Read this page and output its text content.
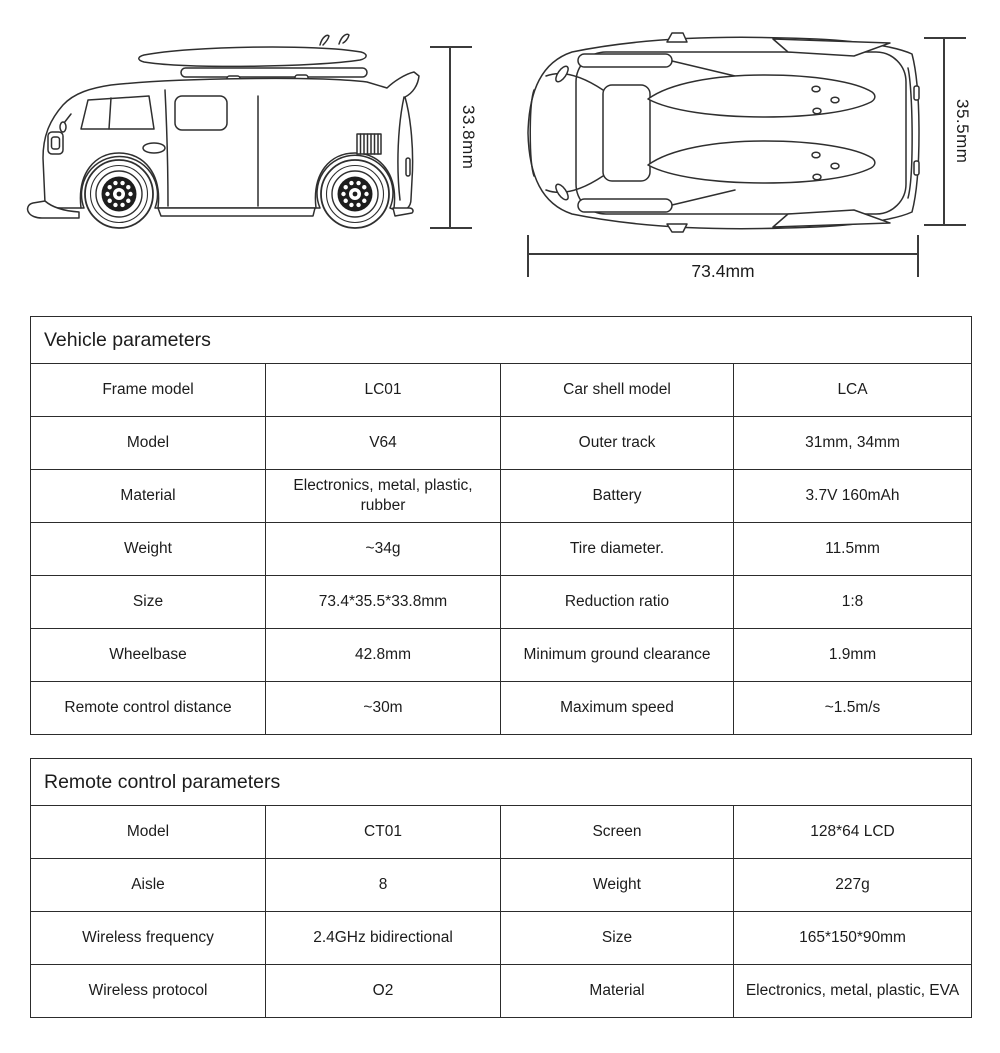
33.8mm	35.5mm
73.4mm
Vehicle parameters			
Frame model	LC01	Car shell model	LCA
Model	V64	Outer track	31mm, 34mm
Material	Electronics, metal, plastic, rubber	Battery	3.7V 160mAh
Weight	~34g	Tire diameter.	11.5mm
Size	73.4*35.5*33.8mm	Reduction ratio	1:8
Wheelbase	42.8mm	Minimum ground clearance	1.9mm
Remote control distance	~30m	Maximum speed	~1.5m/s
Remote control parameters			
Model	CT01	Screen	128*64 LCD
Aisle	8	Weight	227g
Wireless frequency	2.4GHz bidirectional	Size	165*150*90mm
Wireless protocol	O2	Material	Electronics, metal, plastic, EVA
